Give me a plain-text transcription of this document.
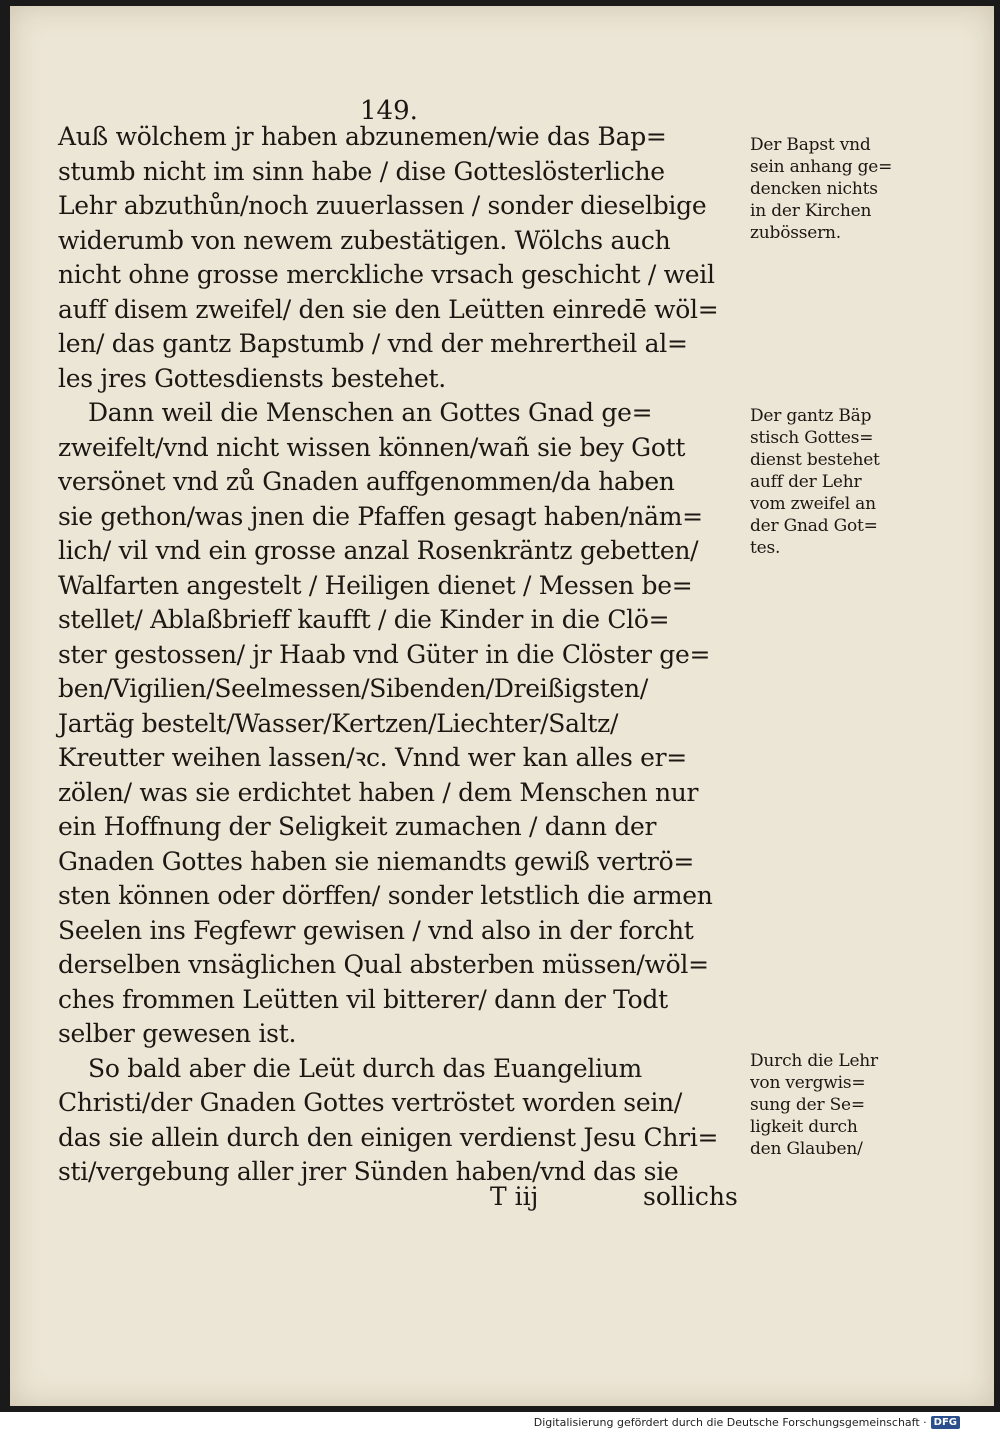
149.
Auß wölchem jr haben abzunemen/wie das Bap=
stumb nicht im sinn habe / dise Gotteslösterliche
Lehr abzuthůn/noch zuuerlassen / sonder dieselbige
widerumb von newem zubestätigen. Wölchs auch
nicht ohne grosse merckliche vrsach geschicht / weil
auff disem zweifel/ den sie den Leütten einredē wöl=
len/ das gantz Bapstumb / vnd der mehrertheil al=
les jres Gottesdiensts bestehet.
Dann weil die Menschen an Gottes Gnad ge=
zweifelt/vnd nicht wissen können/wañ sie bey Gott
versönet vnd zů Gnaden auffgenommen/da haben
sie gethon/was jnen die Pfaffen gesagt haben/näm=
lich/ vil vnd ein grosse anzal Rosenkräntz gebetten/
Walfarten angestelt / Heiligen dienet / Messen be=
stellet/ Ablaßbrieff kaufft / die Kinder in die Clö=
ster gestossen/ jr Haab vnd Güter in die Clöster ge=
ben/Vigilien/Seelmessen/Sibenden/Dreißigsten/
Jartäg bestelt/Wasser/Kertzen/Liechter/Saltz/
Kreutter weihen lassen/ꝛc. Vnnd wer kan alles er=
zölen/ was sie erdichtet haben / dem Menschen nur
ein Hoffnung der Seligkeit zumachen / dann der
Gnaden Gottes haben sie niemandts gewiß vertrö=
sten können oder dörffen/ sonder letstlich die armen
Seelen ins Fegfewr gewisen / vnd also in der forcht
derselben vnsäglichen Qual absterben müssen/wöl=
ches frommen Leütten vil bitterer/ dann der Todt
selber gewesen ist.
So bald aber die Leüt durch das Euangelium
Christi/der Gnaden Gottes vertröstet worden sein/
das sie allein durch den einigen verdienst Jesu Chri=
sti/vergebung aller jrer Sünden haben/vnd das sie
Der Bapst vnd
sein anhang ge=
dencken nichts
in der Kirchen
zubössern.
Der gantz Bäp
stisch Gottes=
dienst bestehet
auff der Lehr
vom zweifel an
der Gnad Got=
tes.
Durch die Lehr
von vergwis=
sung der Se=
ligkeit durch
den Glauben/
T iij	sollichs
Digitalisierung gefördert durch die Deutsche Forschungsgemeinschaft · DFG
